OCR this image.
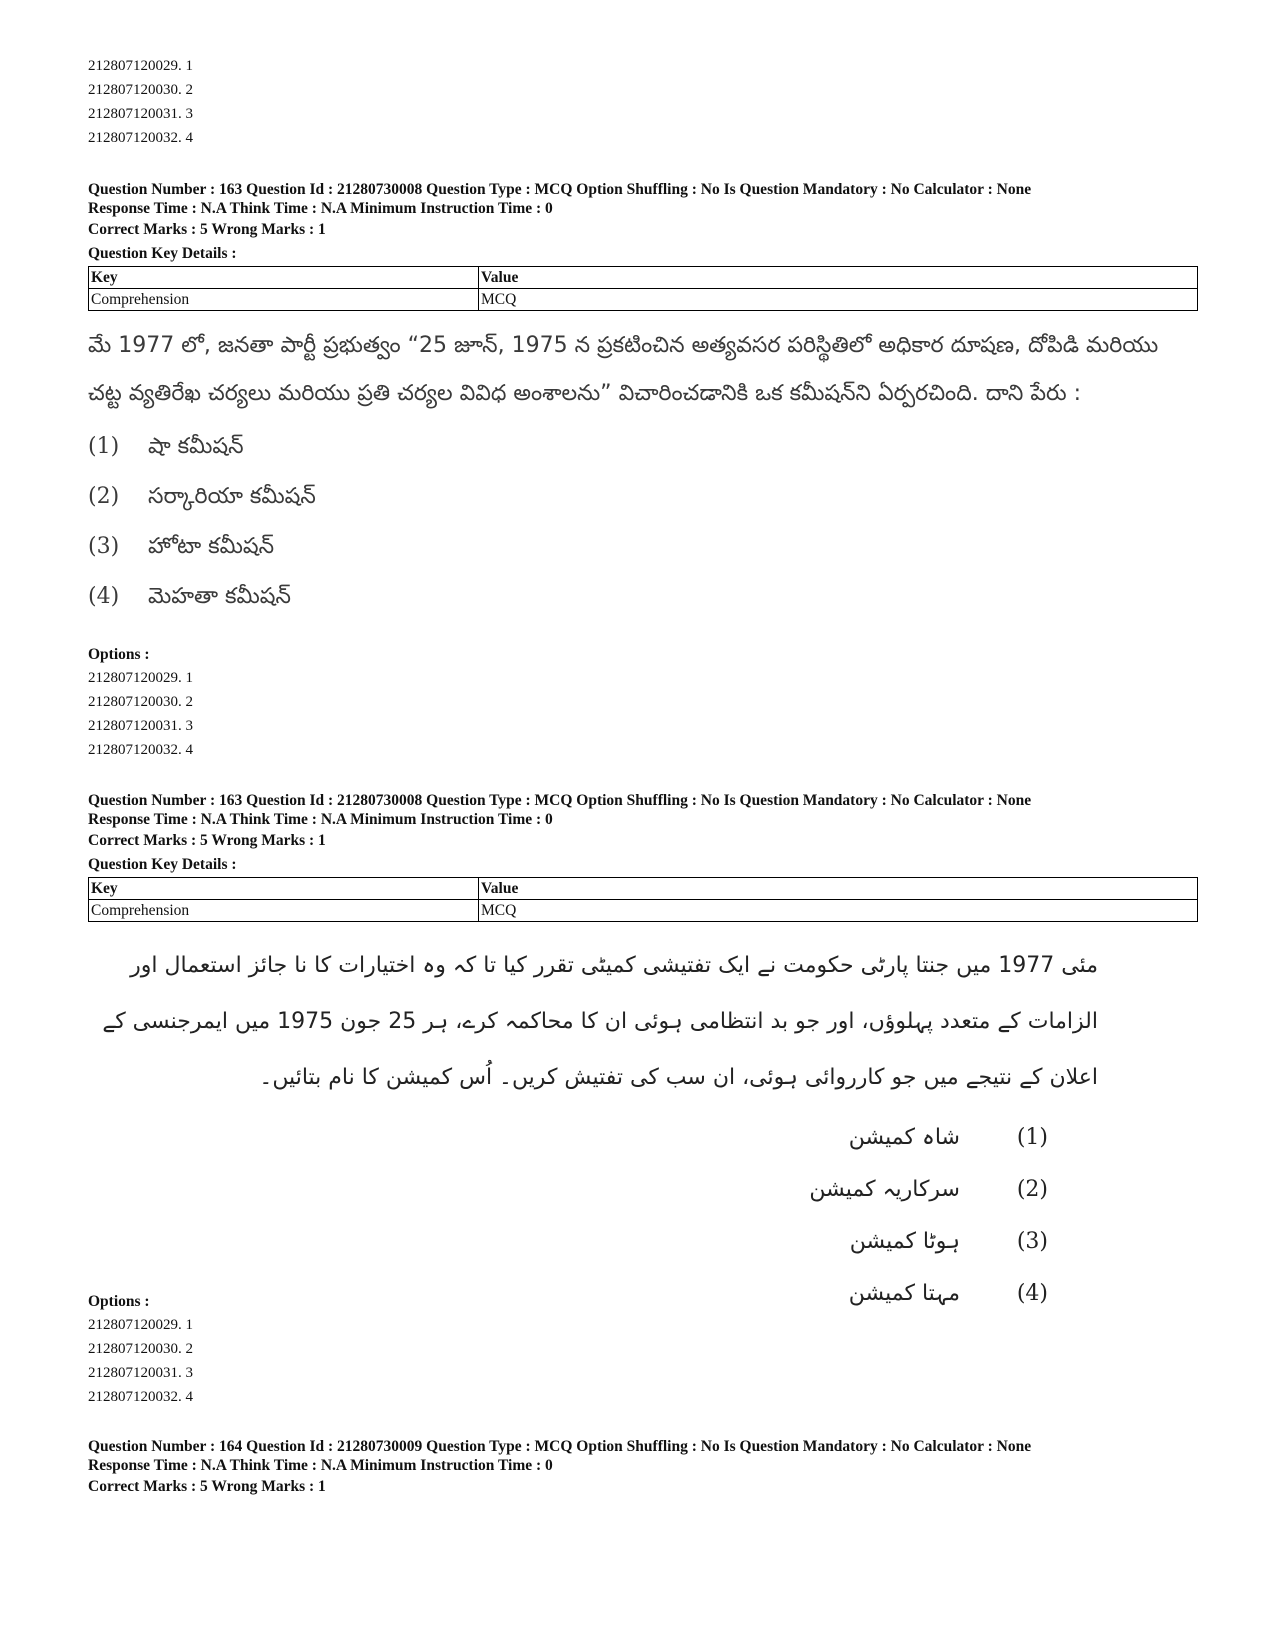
212807120029. 1
212807120030. 2
212807120031. 3
212807120032. 4
Question Number : 163 Question Id : 21280730008 Question Type : MCQ Option Shuffling : No Is Question Mandatory : No Calculator : None
Response Time : N.A Think Time : N.A Minimum Instruction Time : 0
Correct Marks : 5 Wrong Marks : 1
Question Key Details :
Key	Value
Comprehension	MCQ
మే 1977 లో, జనతా పార్టీ ప్రభుత్వం “25 జూన్, 1975 న ప్రకటించిన అత్యవసర పరిస్థితిలో అధికార దూషణ, దోపిడి మరియు చట్ట వ్యతిరేఖ చర్యలు మరియు ప్రతి చర్యల వివిధ అంశాలను” విచారించడానికి ఒక కమీషన్‌ని ఏర్పరచింది. దాని పేరు :
(1) షా కమీషన్
(2) సర్కారియా కమీషన్
(3) హోటా కమీషన్
(4) మెహతా కమీషన్
Options :
212807120029. 1
212807120030. 2
212807120031. 3
212807120032. 4
Question Number : 163 Question Id : 21280730008 Question Type : MCQ Option Shuffling : No Is Question Mandatory : No Calculator : None
Response Time : N.A Think Time : N.A Minimum Instruction Time : 0
Correct Marks : 5 Wrong Marks : 1
Question Key Details :
Key	Value
Comprehension	MCQ
مئی 1977 میں جنتا پارٹی حکومت نے ایک تفتیشی کمیٹی تقرر کیا تا کہ وہ اختیارات کا نا جائز استعمال اور الزامات کے متعدد پہلوؤں، اور جو بد انتظامی ہوئی ان کا محاکمہ کرے، ہر 25 جون 1975 میں ایمرجنسی کے اعلان کے نتیجے میں جو کارروائی ہوئی، ان سب کی تفتیش کریں۔ اُس کمیشن کا نام بتائیں۔
(1)شاہ کمیشن
(2)سرکاریہ کمیشن
(3)ہوٹا کمیشن
(4)مہتا کمیشن
Options :
212807120029. 1
212807120030. 2
212807120031. 3
212807120032. 4
Question Number : 164 Question Id : 21280730009 Question Type : MCQ Option Shuffling : No Is Question Mandatory : No Calculator : None
Response Time : N.A Think Time : N.A Minimum Instruction Time : 0
Correct Marks : 5 Wrong Marks : 1
